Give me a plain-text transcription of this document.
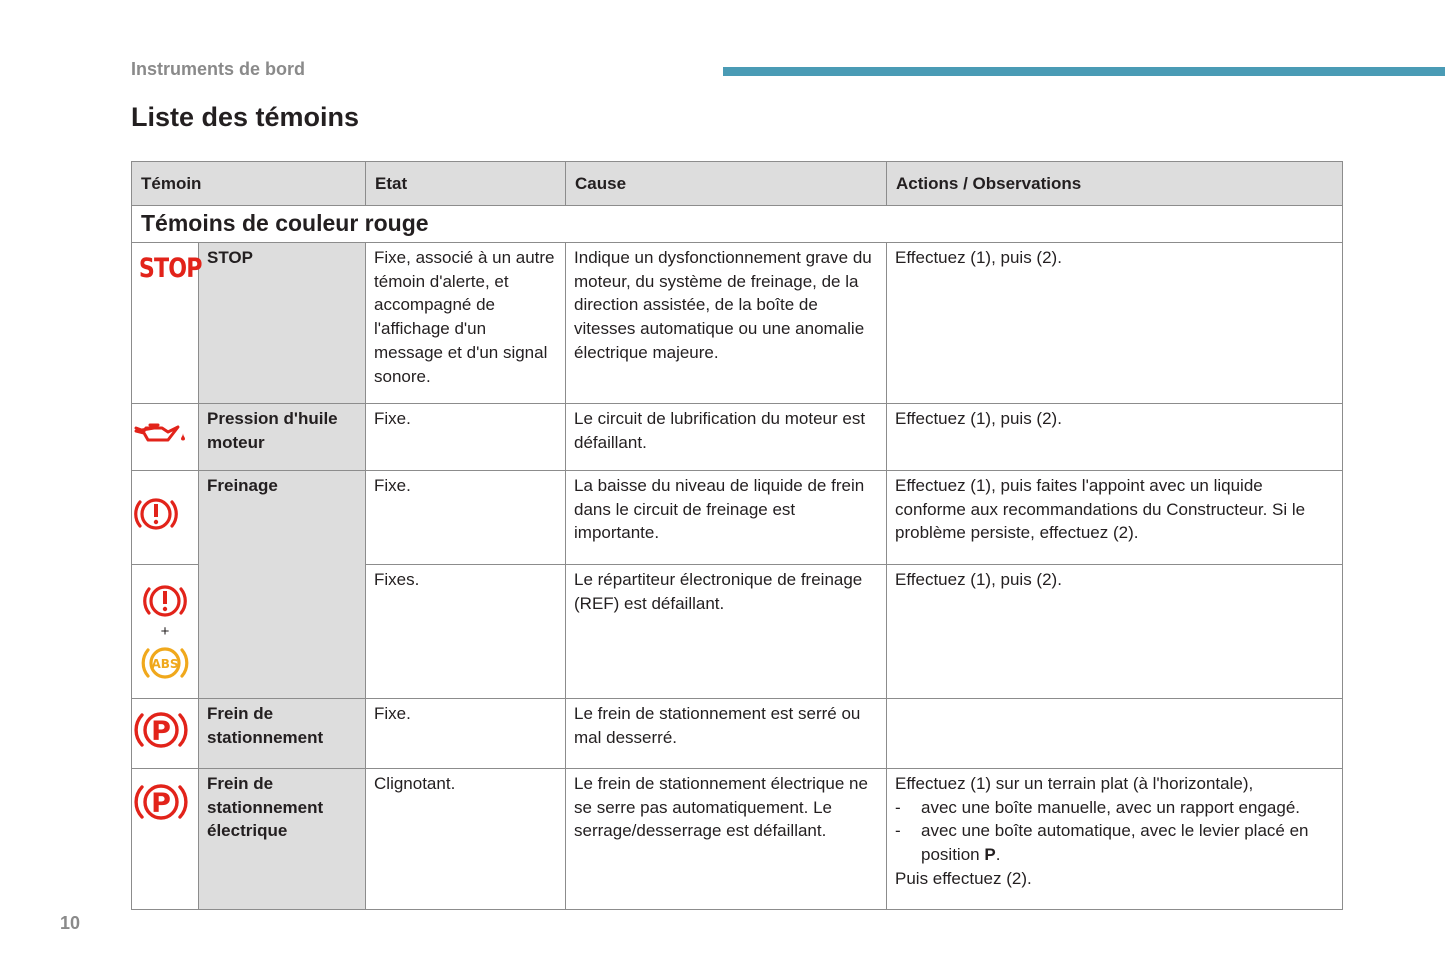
Instruments de bord
Liste des témoins
Témoin		Etat	Cause	Actions / Observations
Témoins de couleur rouge				
STOP	STOP	Fixe, associé à un autre témoin d'alerte, et accompagné de l'affichage d'un message et d'un signal sonore.	Indique un dysfonctionnement grave du moteur, du système de freinage, de la direction assistée, de la boîte de vitesses automatique ou une anomalie électrique majeure.	Effectuez (1), puis (2).
	Pression d'huile moteur	Fixe.	Le circuit de lubrification du moteur est défaillant.	Effectuez (1), puis (2).
	Freinage	Fixe.	La baisse du niveau de liquide de frein dans le circuit de freinage est importante.	Effectuez (1), puis faites l'appoint avec un liquide conforme aux recommandations du Constructeur. Si le problème persiste, effectuez (2).

+
ABS		Fixes.	Le répartiteur électronique de freinage (REF) est défaillant.	Effectuez (1), puis (2).

P	Frein de stationnement	Fixe.	Le frein de stationnement est serré ou mal desserré.	

P	Frein de stationnement électrique	Clignotant.	Le frein de stationnement électrique ne se serre pas automatiquement. Le serrage/desserrage est défaillant.	Effectuez (1) sur un terrain plat (à l'horizontale),
- avec une boîte manuelle, avec un rapport engagé.
- avec une boîte automatique, avec le levier placé en position P.
Puis effectuez (2).
10
